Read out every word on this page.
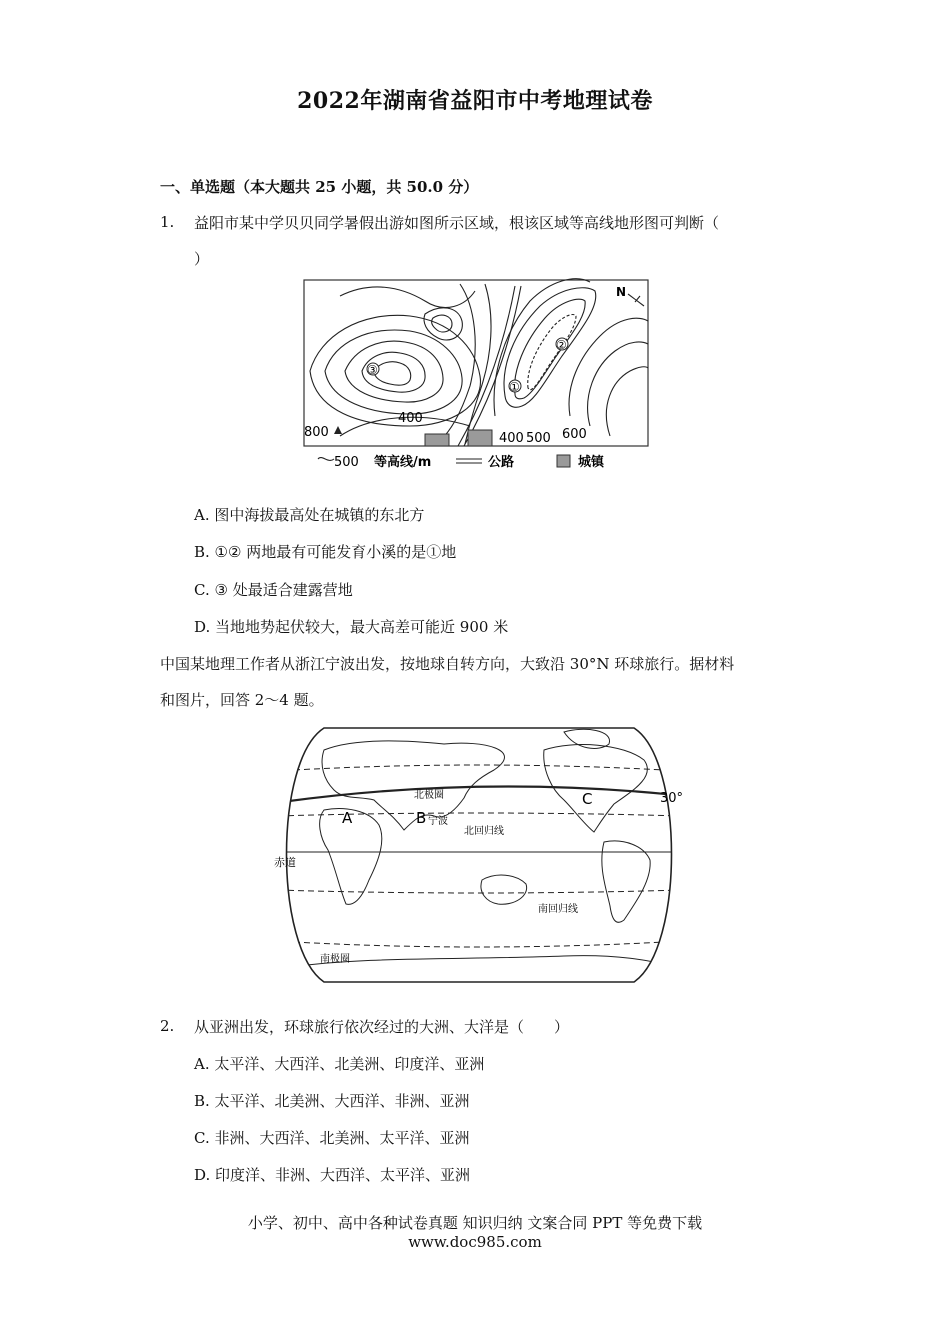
2022年湖南省益阳市中考地理试卷
一、单选题（本大题共 25 小题，共 50.0 分）
1. 益阳市某中学贝贝同学暑假出游如图所示区域，根该区域等高线地形图可判断（
）
N
①
②
③
400
800	400 500 600
500 等高线/m	公路	城镇
A. 图中海拔最高处在城镇的东北方
B. ①② 两地最有可能发育小溪的是①地
C. ③ 处最适合建露营地
D. 当地地势起伏较大，最大高差可能近 900 米
中国某地理工作者从浙江宁波出发，按地球自转方向，大致沿 30°N 环球旅行。据材料
和图片，回答 2～4 题。
A	B
C
宁波
北极圈
北回归线
赤道
南回归线
南极圈
30°
2. 从亚洲出发，环球旅行依次经过的大洲、大洋是（　　）
A. 太平洋、大西洋、北美洲、印度洋、亚洲
B. 太平洋、北美洲、大西洋、非洲、亚洲
C. 非洲、大西洋、北美洲、太平洋、亚洲
D. 印度洋、非洲、大西洋、太平洋、亚洲
小学、初中、高中各种试卷真题 知识归纳 文案合同 PPT 等免费下载
www.doc985.com
